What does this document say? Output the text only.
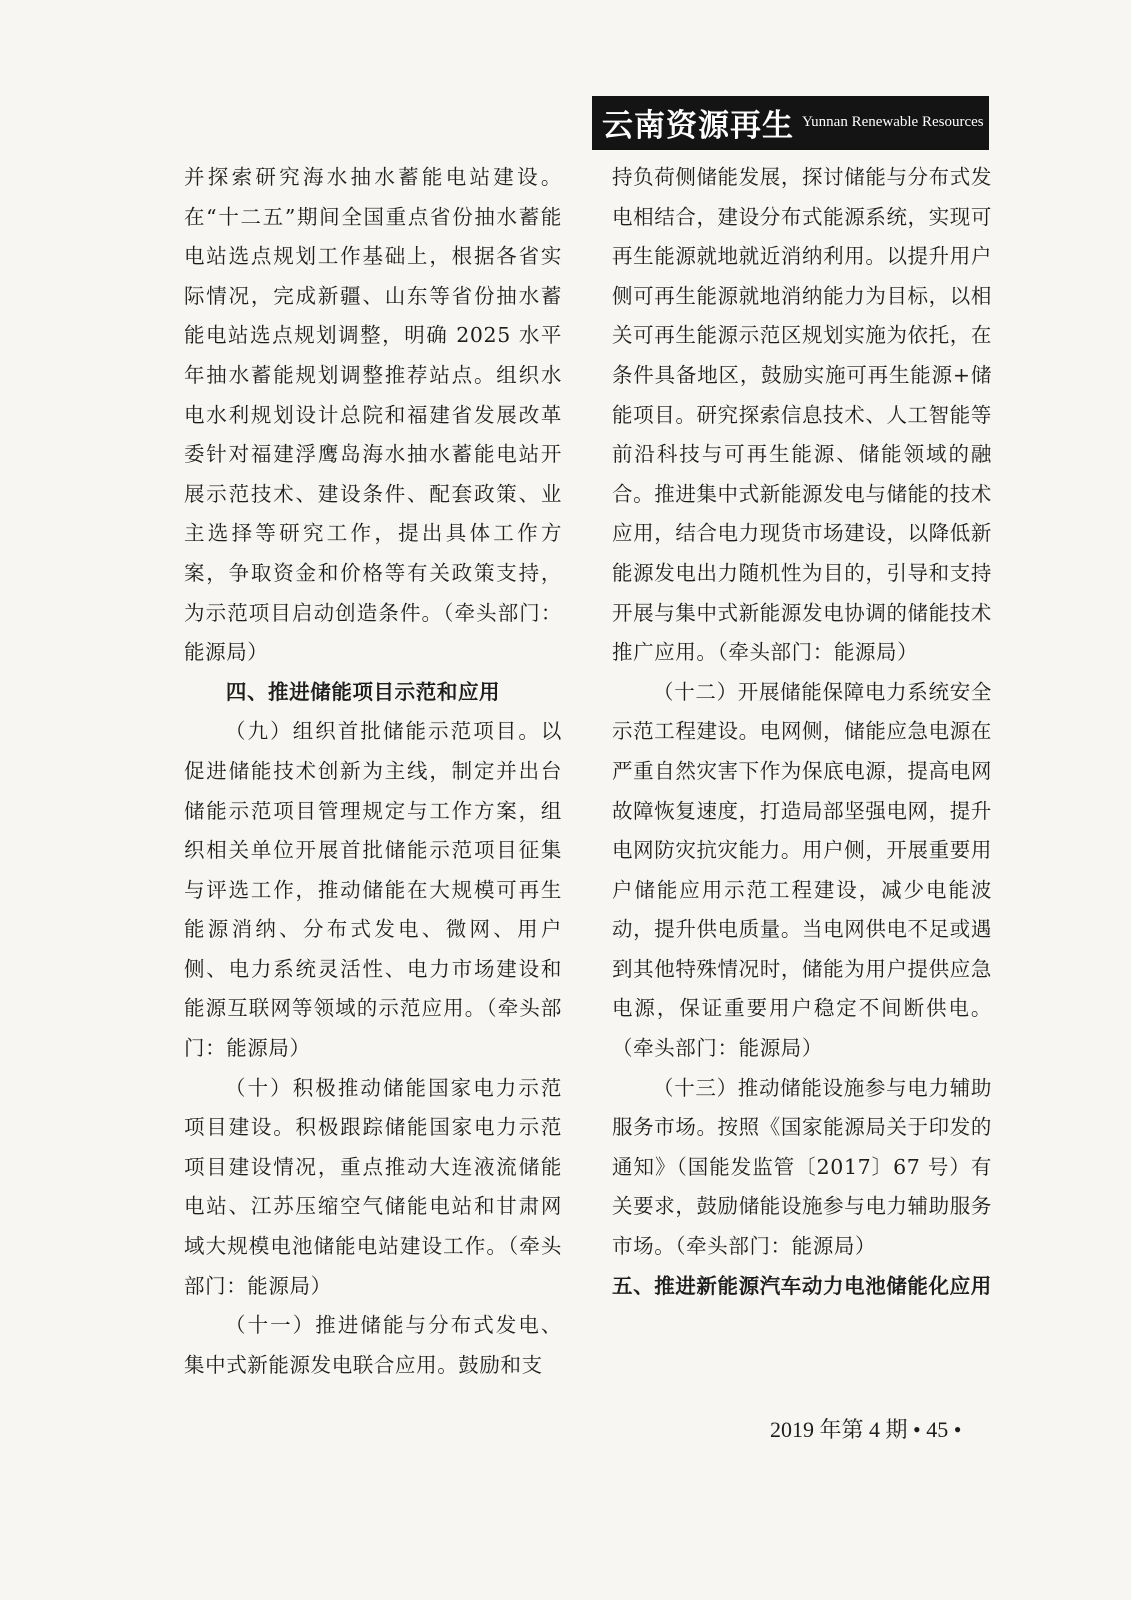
云南资源再生 Yunnan Renewable Resources

并探索研究海水抽水蓄能电站建设。在“十二五”期间全国重点省份抽水蓄能电站选点规划工作基础上，根据各省实际情况，完成新疆、山东等省份抽水蓄能电站选点规划调整，明确 2025 水平年抽水蓄能规划调整推荐站点。组织水电水利规划设计总院和福建省发展改革委针对福建浮鹰岛海水抽水蓄能电站开展示范技术、建设条件、配套政策、业主选择等研究工作，提出具体工作方案，争取资金和价格等有关政策支持，为示范项目启动创造条件。（牵头部门：能源局）

四、推进储能项目示范和应用

（九）组织首批储能示范项目。以促进储能技术创新为主线，制定并出台储能示范项目管理规定与工作方案，组织相关单位开展首批储能示范项目征集与评选工作，推动储能在大规模可再生能源消纳、分布式发电、微网、用户侧、电力系统灵活性、电力市场建设和能源互联网等领域的示范应用。（牵头部门：能源局）

（十）积极推动储能国家电力示范项目建设。积极跟踪储能国家电力示范项目建设情况，重点推动大连液流储能电站、江苏压缩空气储能电站和甘肃网域大规模电池储能电站建设工作。（牵头部门：能源局）

（十一）推进储能与分布式发电、集中式新能源发电联合应用。鼓励和支

持负荷侧储能发展，探讨储能与分布式发电相结合，建设分布式能源系统，实现可再生能源就地就近消纳利用。以提升用户侧可再生能源就地消纳能力为目标，以相关可再生能源示范区规划实施为依托，在条件具备地区，鼓励实施可再生能源+储能项目。研究探索信息技术、人工智能等前沿科技与可再生能源、储能领域的融合。推进集中式新能源发电与储能的技术应用，结合电力现货市场建设，以降低新能源发电出力随机性为目的，引导和支持开展与集中式新能源发电协调的储能技术推广应用。（牵头部门：能源局）

（十二）开展储能保障电力系统安全示范工程建设。电网侧，储能应急电源在严重自然灾害下作为保底电源，提高电网故障恢复速度，打造局部坚强电网，提升电网防灾抗灾能力。用户侧，开展重要用户储能应用示范工程建设，减少电能波动，提升供电质量。当电网供电不足或遇到其他特殊情况时，储能为用户提供应急电源，保证重要用户稳定不间断供电。（牵头部门：能源局）

（十三）推动储能设施参与电力辅助服务市场。按照《国家能源局关于印发的通知》（国能发监管〔2017〕67 号）有关要求，鼓励储能设施参与电力辅助服务市场。（牵头部门：能源局）

五、推进新能源汽车动力电池储能化应用

2019 年第 4 期 • 45 •
